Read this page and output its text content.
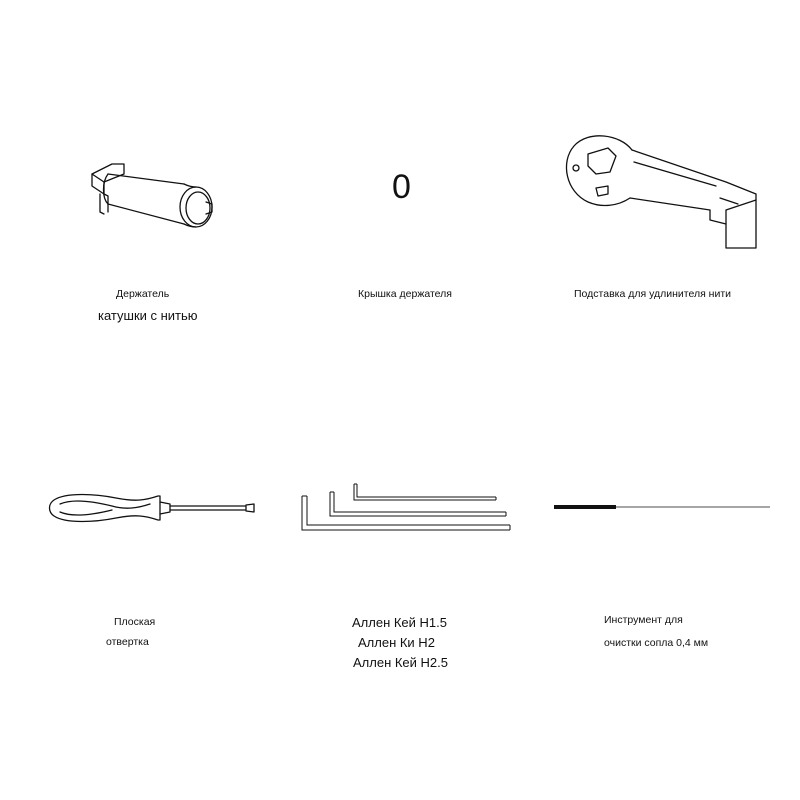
Держатель
катушки с нитью
0
Крышка держателя	Подставка для удлинителя нити
Плоская
отвертка
Аллен Кей H1.5
Аллен Ки H2
Аллен Кей H2.5
Инструмент для
очистки сопла 0,4 мм
